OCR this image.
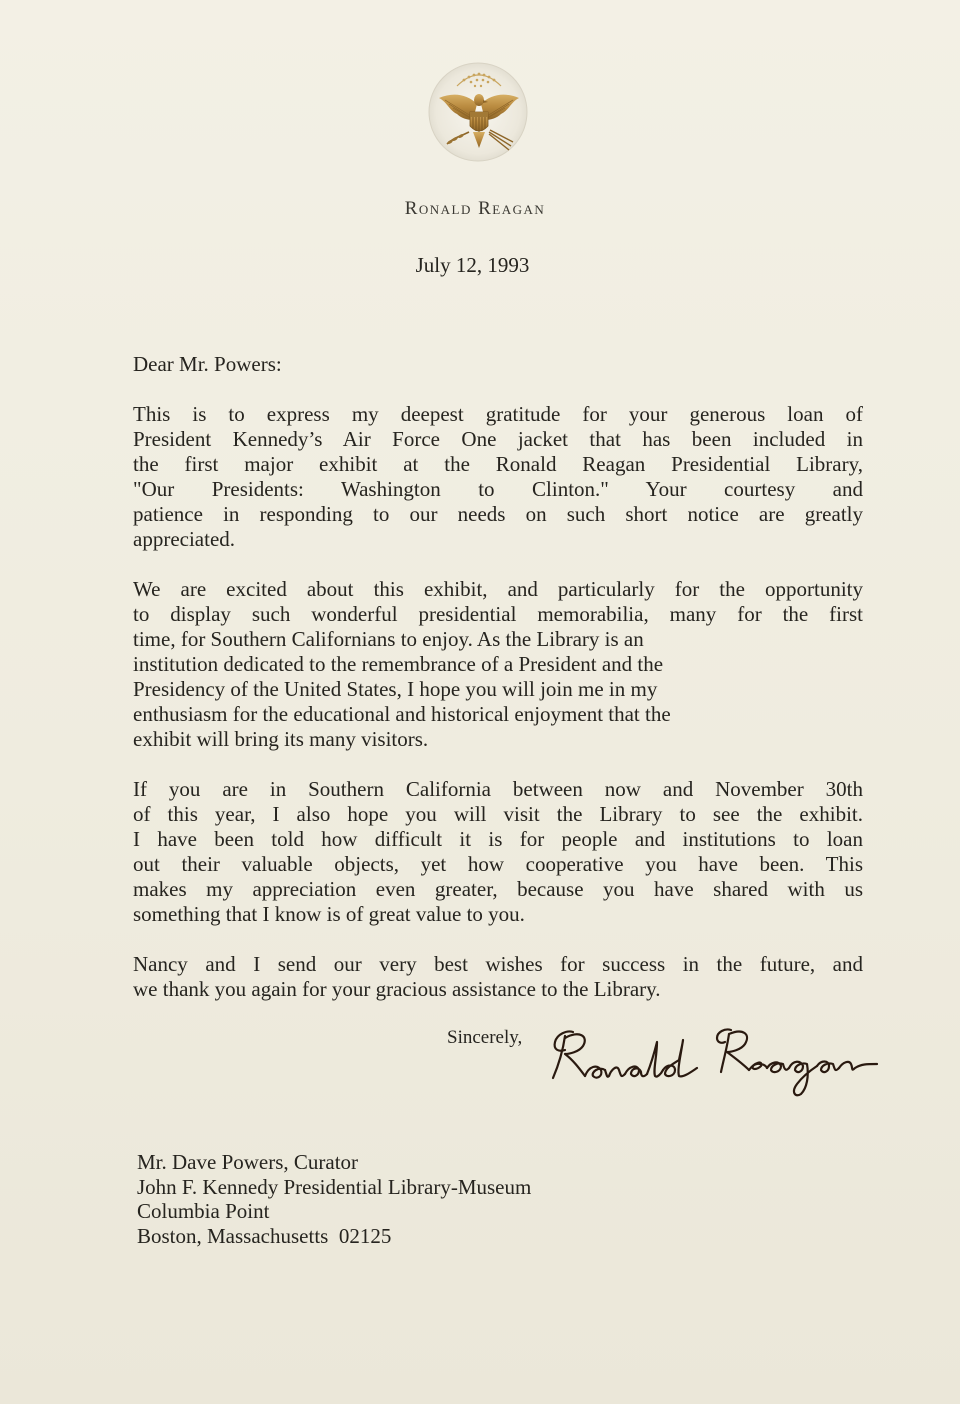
Ronald Reagan
July 12, 1993
Dear Mr. Powers:
This is to express my deepest gratitude for your generous loan of
President Kennedy’s Air Force One jacket that has been included in
the first major exhibit at the Ronald Reagan Presidential Library,
"Our Presidents: Washington to Clinton." Your courtesy and
patience in responding to our needs on such short notice are greatly
appreciated.
We are excited about this exhibit, and particularly for the opportunity
to display such wonderful presidential memorabilia, many for the first
time, for Southern Californians to enjoy. As the Library is an
institution dedicated to the remembrance of a President and the
Presidency of the United States, I hope you will join me in my
enthusiasm for the educational and historical enjoyment that the
exhibit will bring its many visitors.
If you are in Southern California between now and November 30th
of this year, I also hope you will visit the Library to see the exhibit.
I have been told how difficult it is for people and institutions to loan
out their valuable objects, yet how cooperative you have been. This
makes my appreciation even greater, because you have shared with us
something that I know is of great value to you.
Nancy and I send our very best wishes for success in the future, and
we thank you again for your gracious assistance to the Library.
Sincerely,
Mr. Dave Powers, Curator
John F. Kennedy Presidential Library-Museum
Columbia Point
Boston, Massachusetts  02125
